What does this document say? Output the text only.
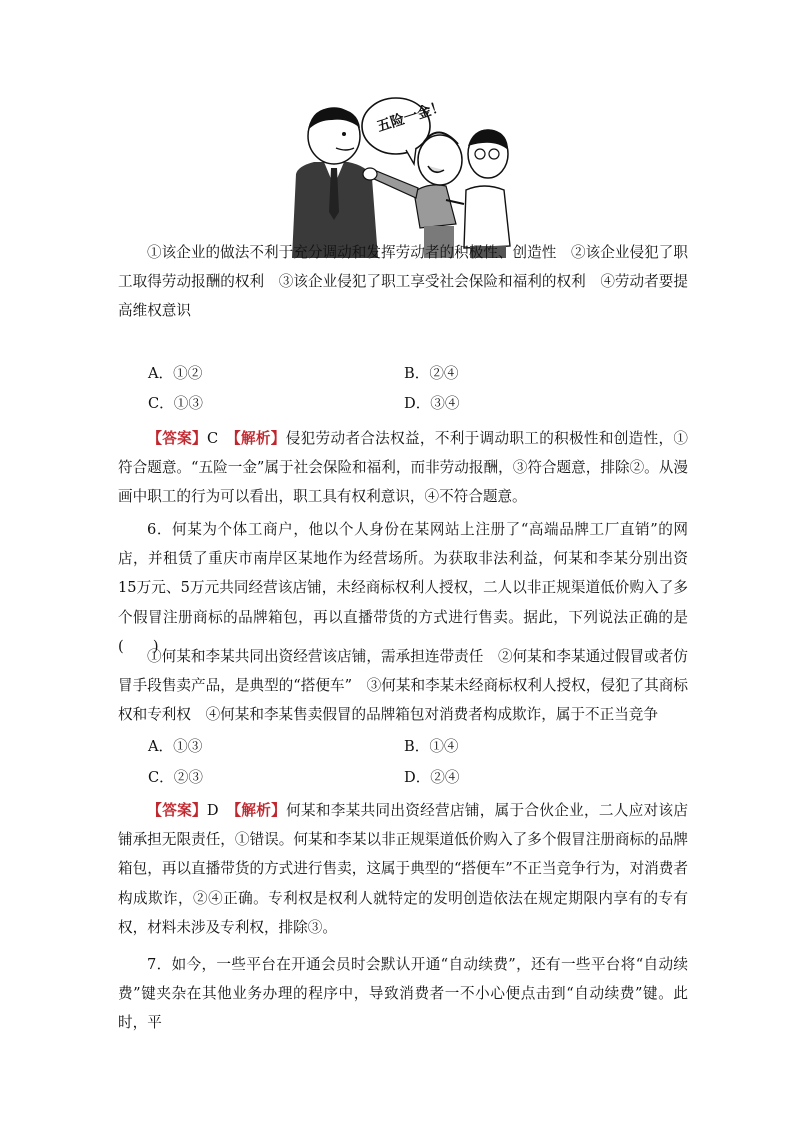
五险一金！

①该企业的做法不利于充分调动和发挥劳动者的积极性、创造性　②该企业侵犯了职工取得劳动报酬的权利　③该企业侵犯了职工享受社会保险和福利的权利　④劳动者要提高维权意识

A．①②	B．②④
C．①③	D．③④

【答案】C　【解析】侵犯劳动者合法权益，不利于调动职工的积极性和创造性，①符合题意。“五险一金”属于社会保险和福利，而非劳动报酬，③符合题意，排除②。从漫画中职工的行为可以看出，职工具有权利意识，④不符合题意。

6．何某为个体工商户，他以个人身份在某网站上注册了“高端品牌工厂直销”的网店，并租赁了重庆市南岸区某地作为经营场所。为获取非法利益，何某和李某分别出资15万元、5万元共同经营该店铺，未经商标权利人授权，二人以非正规渠道低价购入了多个假冒注册商标的品牌箱包，再以直播带货的方式进行售卖。据此，下列说法正确的是(　　)

①何某和李某共同出资经营该店铺，需承担连带责任　②何某和李某通过假冒或者仿冒手段售卖产品，是典型的“搭便车”　③何某和李某未经商标权利人授权，侵犯了其商标权和专利权　④何某和李某售卖假冒的品牌箱包对消费者构成欺诈，属于不正当竞争

A．①③	B．①④
C．②③	D．②④

【答案】D　【解析】何某和李某共同出资经营店铺，属于合伙企业，二人应对该店铺承担无限责任，①错误。何某和李某以非正规渠道低价购入了多个假冒注册商标的品牌箱包，再以直播带货的方式进行售卖，这属于典型的“搭便车”不正当竞争行为，对消费者构成欺诈，②④正确。专利权是权利人就特定的发明创造依法在规定期限内享有的专有权，材料未涉及专利权，排除③。

7．如今，一些平台在开通会员时会默认开通“自动续费”，还有一些平台将“自动续费”键夹杂在其他业务办理的程序中，导致消费者一不小心便点击到“自动续费”键。此时，平
